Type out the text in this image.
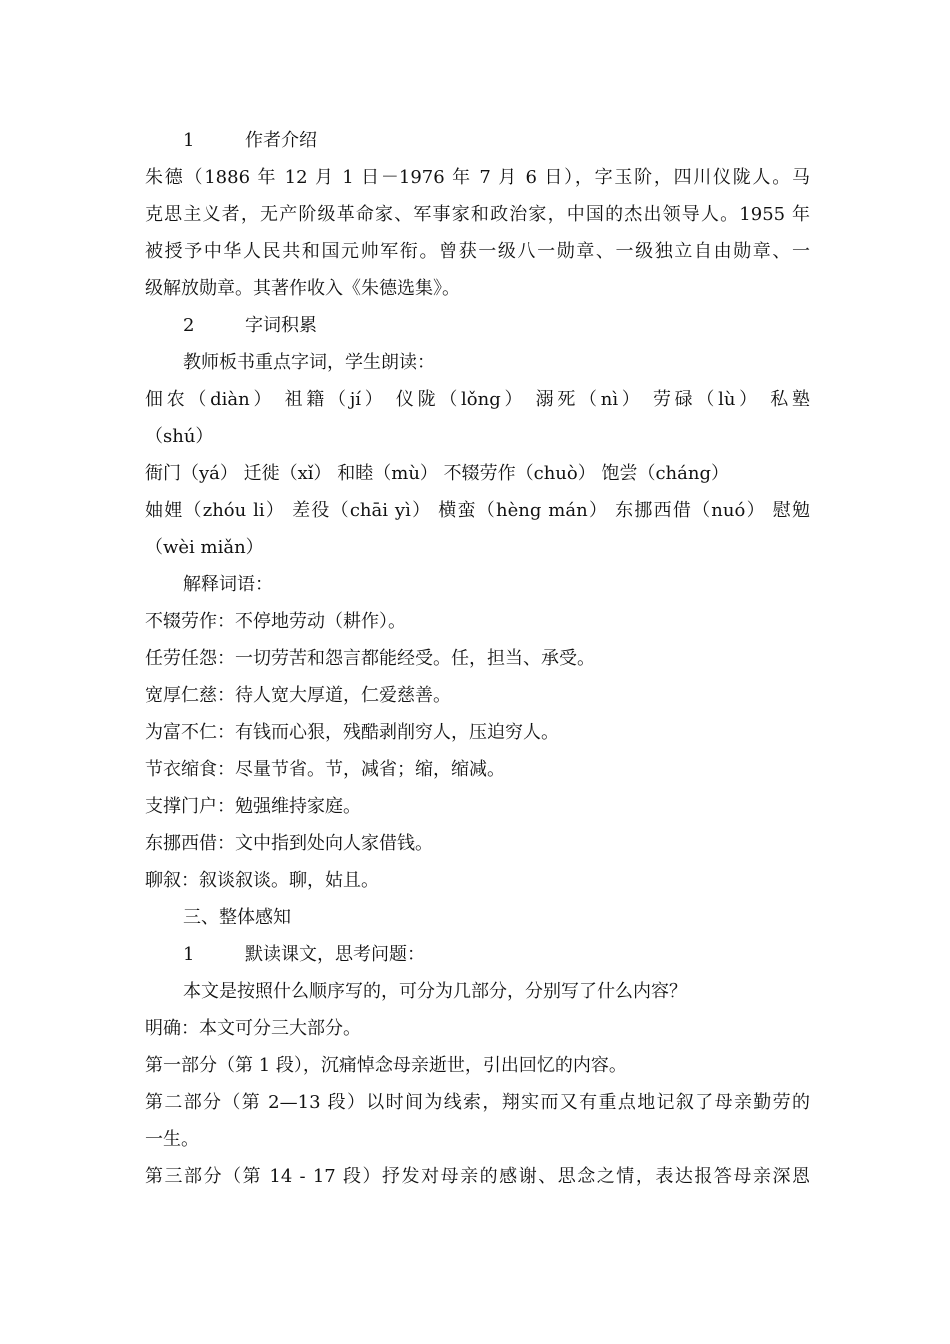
1	作者介绍
朱德（1886 年 12 月 1 日－1976 年 7 月 6 日），字玉阶，四川仪陇人。马
克思主义者，无产阶级革命家、军事家和政治家，中国的杰出领导人。1955 年
被授予中华人民共和国元帅军衔。曾获一级八一勋章、一级独立自由勋章、一
级解放勋章。其著作收入《朱德选集》。
2	字词积累
教师板书重点字词，学生朗读：
佃农（diàn） 祖籍（jí） 仪陇（lǒng） 溺死（nì） 劳碌（lù） 私塾
（shú）
衙门（yá） 迁徙（xǐ） 和睦（mù） 不辍劳作（chuò） 饱尝（cháng）
妯娌（zhóu li） 差役（chāi yì） 横蛮（hèng mán） 东挪西借（nuó） 慰勉
（wèi miǎn）
解释词语：
不辍劳作：不停地劳动（耕作）。
任劳任怨：一切劳苦和怨言都能经受。任，担当、承受。
宽厚仁慈：待人宽大厚道，仁爱慈善。
为富不仁：有钱而心狠，残酷剥削穷人，压迫穷人。
节衣缩食：尽量节省。节，减省；缩，缩减。
支撑门户：勉强维持家庭。
东挪西借：文中指到处向人家借钱。
聊叙：叙谈叙谈。聊，姑且。
三、整体感知
1	默读课文，思考问题：
本文是按照什么顺序写的，可分为几部分，分别写了什么内容？
明确：本文可分三大部分。
第一部分（第 1 段），沉痛悼念母亲逝世，引出回忆的内容。
第二部分（第 2—13 段）以时间为线索，翔实而又有重点地记叙了母亲勤劳的
一生。
第三部分（第 14 - 17 段）抒发对母亲的感谢、思念之情，表达报答母亲深恩
